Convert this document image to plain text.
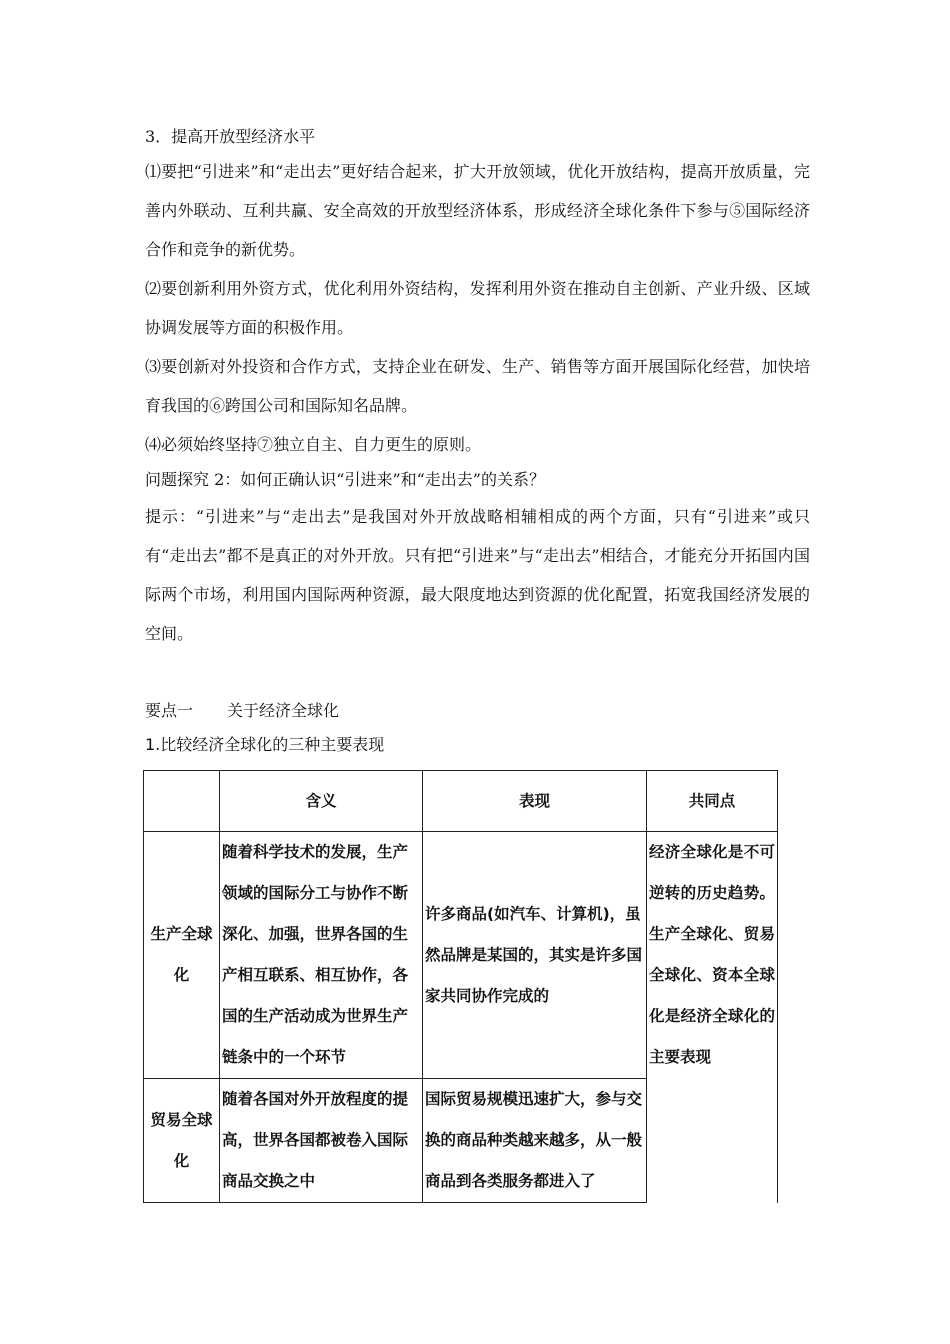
3．提高开放型经济水平
⑴要把“引进来”和“走出去”更好结合起来，扩大开放领域，优化开放结构，提高开放质量，完善内外联动、互利共赢、安全高效的开放型经济体系，形成经济全球化条件下参与⑤国际经济合作和竞争的新优势。
⑵要创新利用外资方式，优化利用外资结构，发挥利用外资在推动自主创新、产业升级、区域协调发展等方面的积极作用。
⑶要创新对外投资和合作方式，支持企业在研发、生产、销售等方面开展国际化经营，加快培育我国的⑥跨国公司和国际知名品牌。
⑷必须始终坚持⑦独立自主、自力更生的原则。
问题探究 2：如何正确认识“引进来”和“走出去”的关系？
提示：“引进来”与“走出去”是我国对外开放战略相辅相成的两个方面，只有“引进来”或只有“走出去”都不是真正的对外开放。只有把“引进来”与“走出去”相结合，才能充分开拓国内国际两个市场，利用国内国际两种资源，最大限度地达到资源的优化配置，拓宽我国经济发展的空间。
要点一 关于经济全球化
1.比较经济全球化的三种主要表现
	含义	表现	共同点
生产全球化	随着科学技术的发展，生产领域的国际分工与协作不断深化、加强，世界各国的生产相互联系、相互协作，各国的生产活动成为世界生产链条中的一个环节	许多商品(如汽车、计算机)，虽然品牌是某国的，其实是许多国家共同协作完成的	经济全球化是不可逆转的历史趋势。生产全球化、贸易全球化、资本全球化是经济全球化的主要表现
贸易全球化	随着各国对外开放程度的提高，世界各国都被卷入国际商品交换之中	国际贸易规模迅速扩大，参与交换的商品种类越来越多，从一般商品到各类服务都进入了	
